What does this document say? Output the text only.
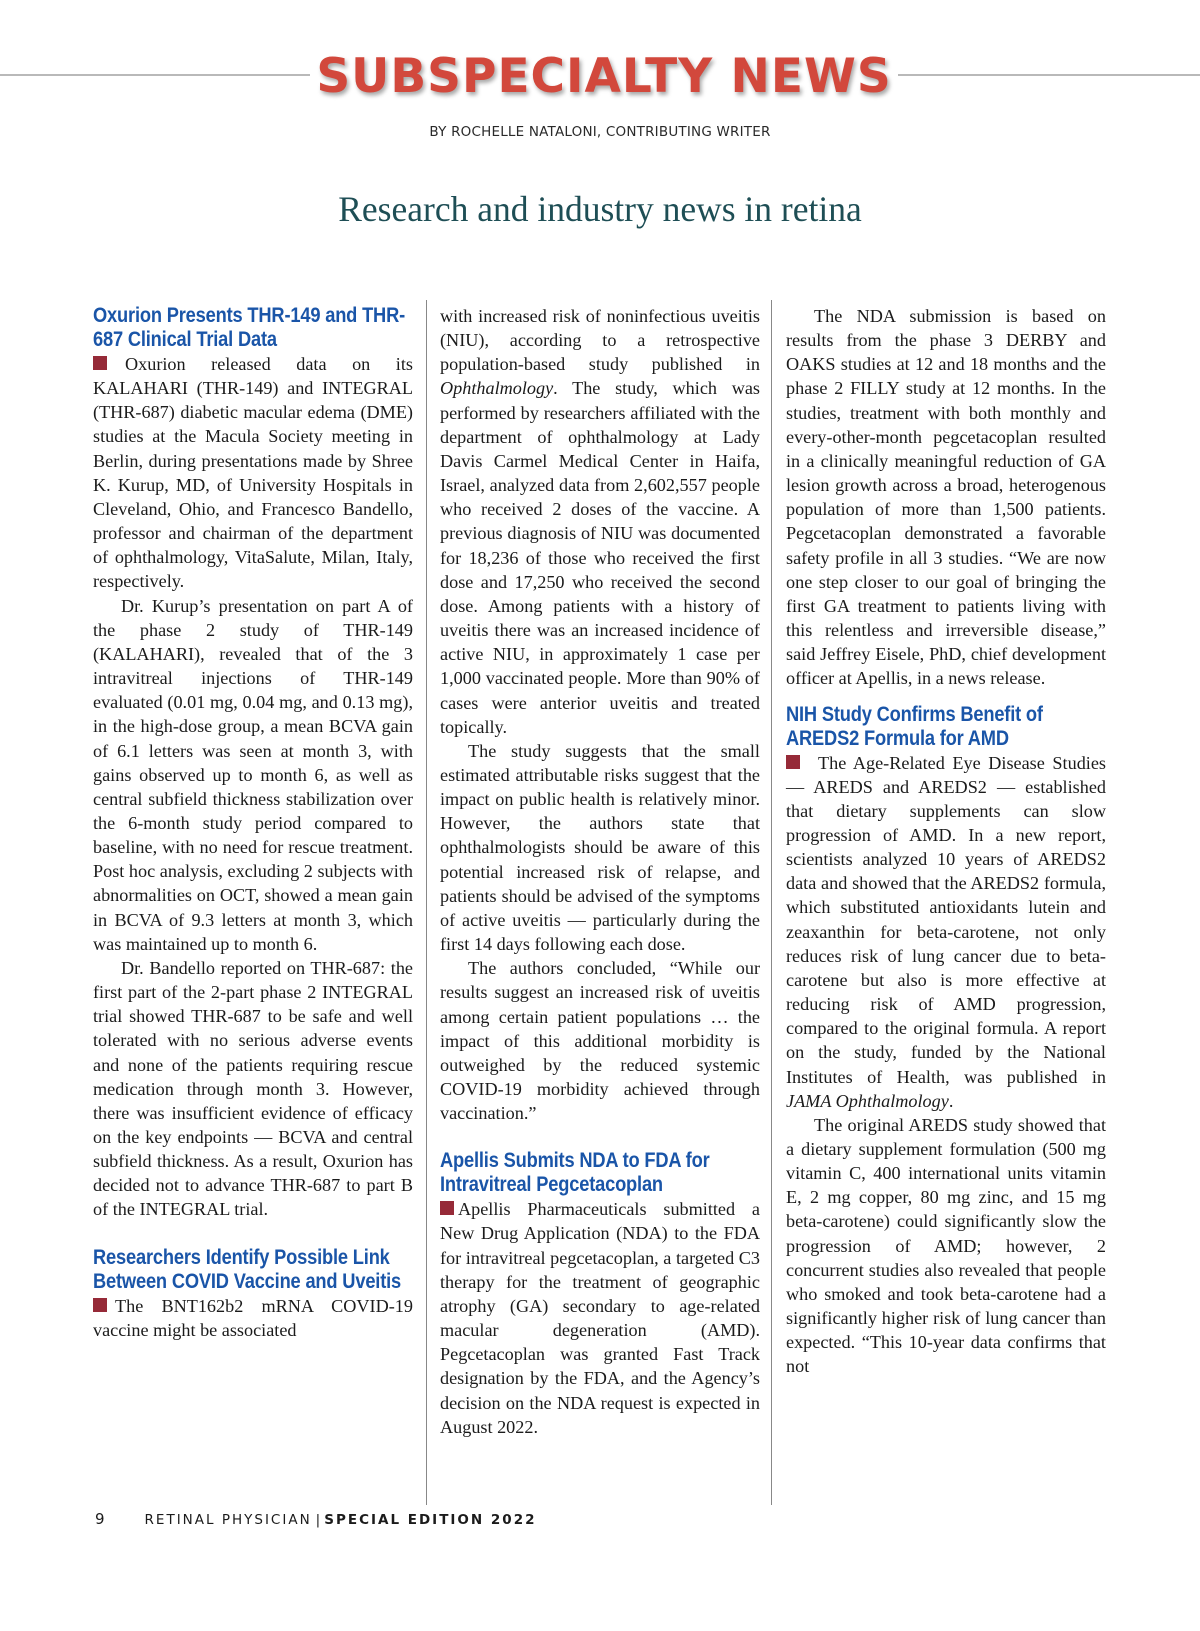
SUBSPECIALTY NEWS
BY ROCHELLE NATALONI, CONTRIBUTING WRITER
Research and industry news in retina
Oxurion Presents THR-149 and THR-687 Clinical Trial Data

Oxurion released data on its KALAHARI (THR-149) and INTEGRAL (THR-687) diabetic macular edema (DME) studies at the Macula Society meeting in Berlin, during presentations made by Shree K. Kurup, MD, of University Hospitals in Cleveland, Ohio, and Francesco Bandello, professor and chairman of the department of ophthalmology, VitaSalute, Milan, Italy, respectively.

Dr. Kurup’s presentation on part A of the phase 2 study of THR-149 (KALAHARI), revealed that of the 3 intravitreal injections of THR-149 evaluated (0.01 mg, 0.04 mg, and 0.13 mg), in the high-dose group, a mean BCVA gain of 6.1 letters was seen at month 3, with gains observed up to month 6, as well as central subfield thickness stabilization over the 6-month study period compared to baseline, with no need for rescue treatment. Post hoc analysis, excluding 2 subjects with abnormalities on OCT, showed a mean gain in BCVA of 9.3 letters at month 3, which was maintained up to month 6.

Dr. Bandello reported on THR-687: the first part of the 2-part phase 2 INTEGRAL trial showed THR-687 to be safe and well tolerated with no serious adverse events and none of the patients requiring rescue medication through month 3. However, there was insufficient evidence of efficacy on the key endpoints — BCVA and central subfield thickness. As a result, Oxurion has decided not to advance THR-687 to part B of the INTEGRAL trial.

Researchers Identify Possible Link Between COVID Vaccine and Uveitis

The BNT162b2 mRNA COVID-19 vaccine might be associated

with increased risk of noninfectious uveitis (NIU), according to a retrospective population-based study published in Ophthalmology. The study, which was performed by researchers affiliated with the department of ophthalmology at Lady Davis Carmel Medical Center in Haifa, Israel, analyzed data from 2,602,557 people who received 2 doses of the vaccine. A previous diagnosis of NIU was documented for 18,236 of those who received the first dose and 17,250 who received the second dose. Among patients with a history of uveitis there was an increased incidence of active NIU, in approximately 1 case per 1,000 vaccinated people. More than 90% of cases were anterior uveitis and treated topically.

The study suggests that the small estimated attributable risks suggest that the impact on public health is relatively minor. However, the authors state that ophthalmologists should be aware of this potential increased risk of relapse, and patients should be advised of the symptoms of active uveitis — particularly during the first 14 days following each dose.

The authors concluded, “While our results suggest an increased risk of uveitis among certain patient populations … the impact of this additional morbidity is outweighed by the reduced systemic COVID-19 morbidity achieved through vaccination.”

Apellis Submits NDA to FDA for Intravitreal Pegcetacoplan

Apellis Pharmaceuticals submitted a New Drug Application (NDA) to the FDA for intravitreal pegcetacoplan, a targeted C3 therapy for the treatment of geographic atrophy (GA) secondary to age-related macular degeneration (AMD). Pegcetacoplan was granted Fast Track designation by the FDA, and the Agency’s decision on the NDA request is expected in August 2022.

The NDA submission is based on results from the phase 3 DERBY and OAKS studies at 12 and 18 months and the phase 2 FILLY study at 12 months. In the studies, treatment with both monthly and every-other-month pegcetacoplan resulted in a clinically meaningful reduction of GA lesion growth across a broad, heterogenous population of more than 1,500 patients. Pegcetacoplan demonstrated a favorable safety profile in all 3 studies. “We are now one step closer to our goal of bringing the first GA treatment to patients living with this relentless and irreversible disease,” said Jeffrey Eisele, PhD, chief development officer at Apellis, in a news release.

NIH Study Confirms Benefit of AREDS2 Formula for AMD

The Age-Related Eye Disease Studies — AREDS and AREDS2 — established that dietary supplements can slow progression of AMD. In a new report, scientists analyzed 10 years of AREDS2 data and showed that the AREDS2 formula, which substituted antioxidants lutein and zeaxanthin for beta-carotene, not only reduces risk of lung cancer due to beta-carotene but also is more effective at reducing risk of AMD progression, compared to the original formula. A report on the study, funded by the National Institutes of Health, was published in JAMA Ophthalmology.

The original AREDS study showed that a dietary supplement formulation (500 mg vitamin C, 400 international units vitamin E, 2 mg copper, 80 mg zinc, and 15 mg beta-carotene) could significantly slow the progression of AMD; however, 2 concurrent studies also revealed that people who smoked and took beta-carotene had a significantly higher risk of lung cancer than expected. “This 10-year data confirms that not

9	RETINAL PHYSICIAN | SPECIAL EDITION 2022
